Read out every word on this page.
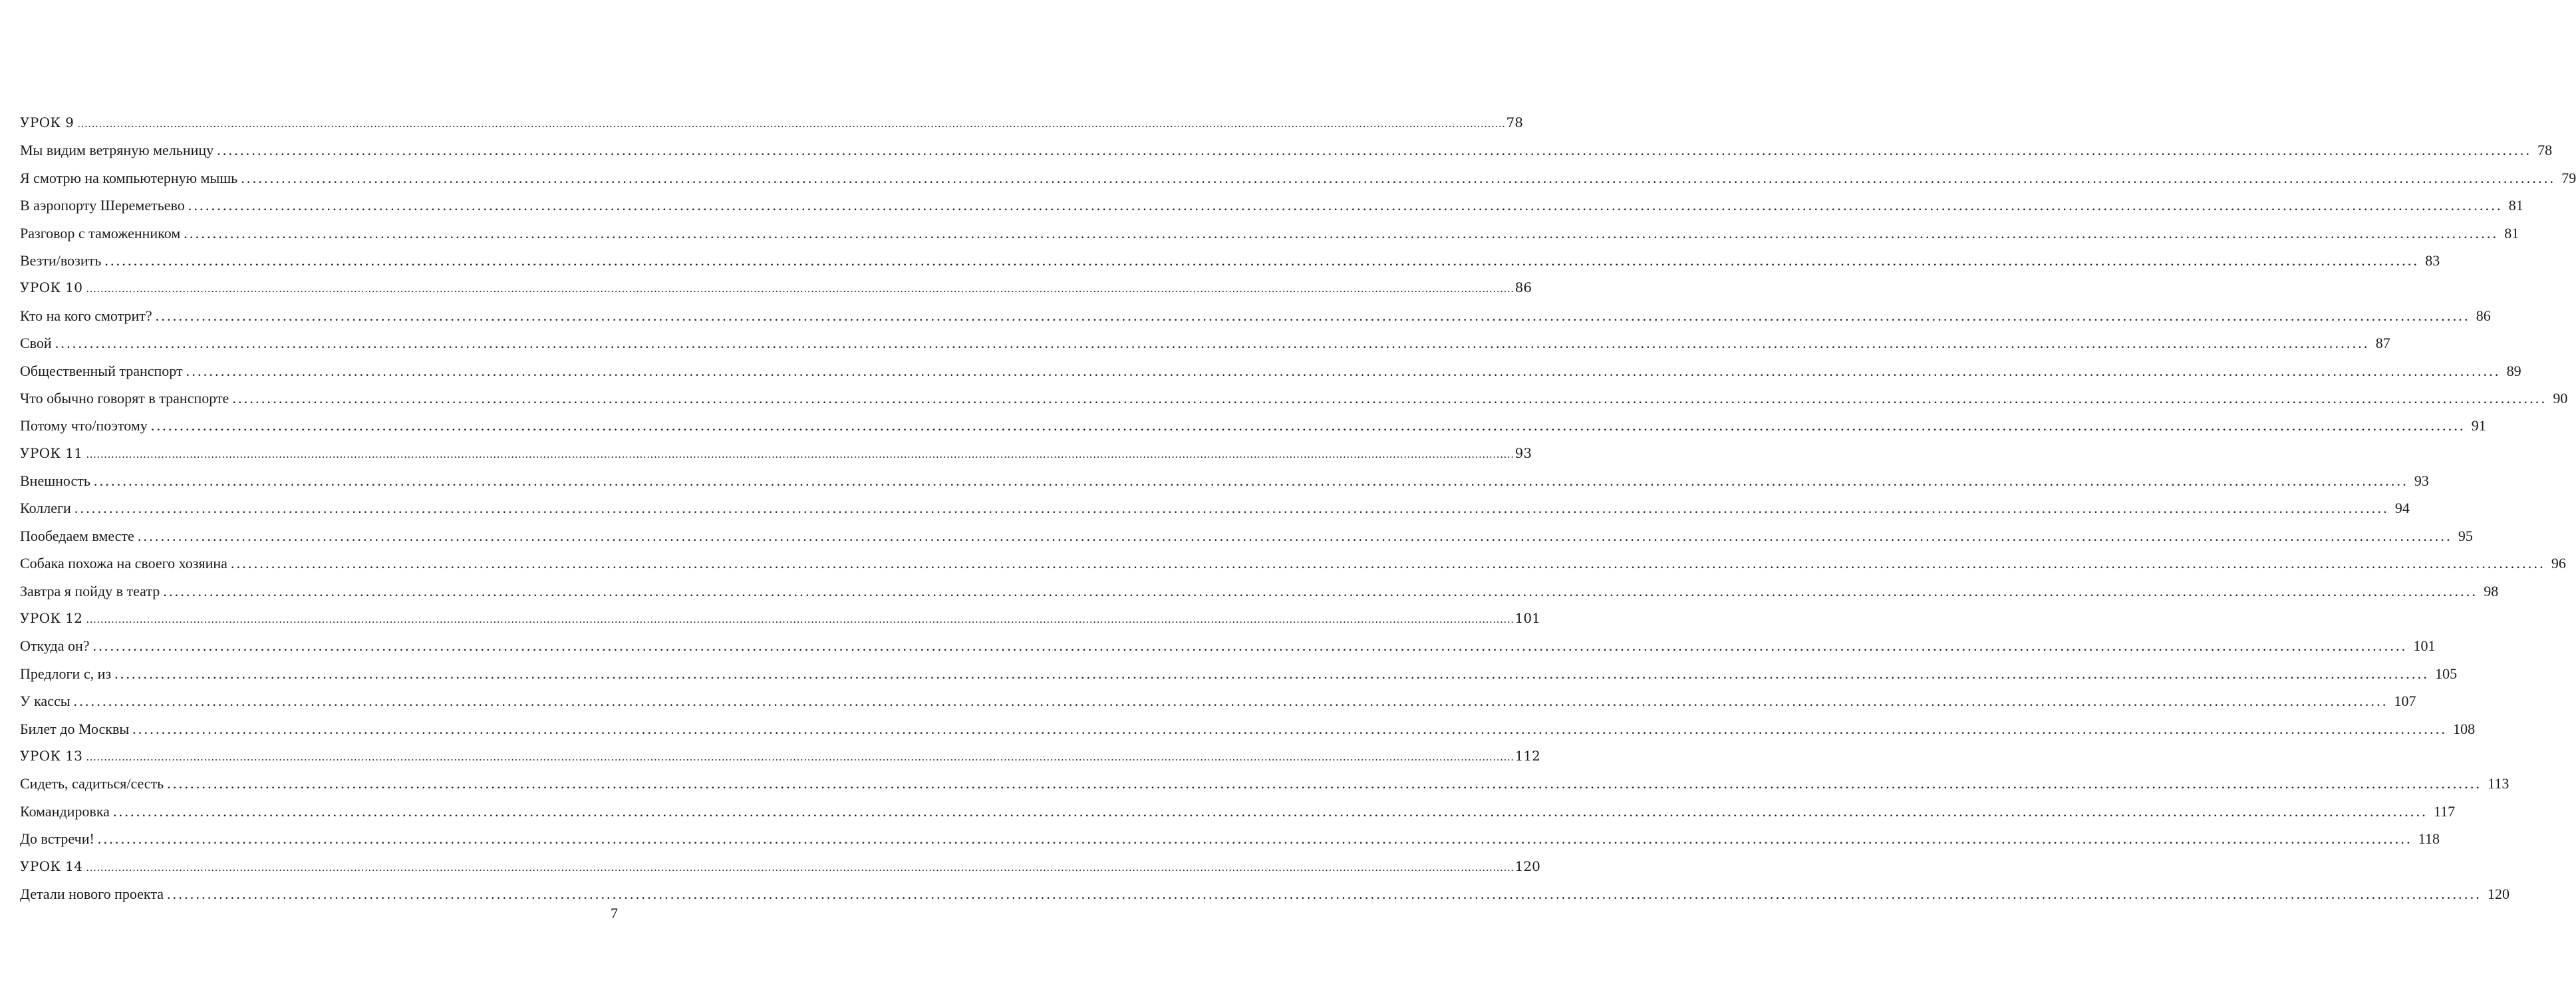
УРОК 9 ................................................................................................................................................................................................................................................................................................................................................................................................................ 78
Мы видим ветряную мельницу ................................................................................................................................................................................................................................................................................................................................................................................................................ 78
Я смотрю на компьютерную мышь ................................................................................................................................................................................................................................................................................................................................................................................................................ 79
В аэропорту Шереметьево ................................................................................................................................................................................................................................................................................................................................................................................................................ 81
Разговор с таможенником ................................................................................................................................................................................................................................................................................................................................................................................................................ 81
Везти/возить ................................................................................................................................................................................................................................................................................................................................................................................................................ 83
УРОК 10 ................................................................................................................................................................................................................................................................................................................................................................................................................ 86
Кто на кого смотрит? ................................................................................................................................................................................................................................................................................................................................................................................................................ 86
Свой ................................................................................................................................................................................................................................................................................................................................................................................................................ 87
Общественный транспорт ................................................................................................................................................................................................................................................................................................................................................................................................................ 89
Что обычно говорят в транспорте ................................................................................................................................................................................................................................................................................................................................................................................................................ 90
Потому что/поэтому ................................................................................................................................................................................................................................................................................................................................................................................................................ 91
УРОК 11 ................................................................................................................................................................................................................................................................................................................................................................................................................ 93
Внешность ................................................................................................................................................................................................................................................................................................................................................................................................................ 93
Коллеги ................................................................................................................................................................................................................................................................................................................................................................................................................ 94
Пообедаем вместе ................................................................................................................................................................................................................................................................................................................................................................................................................ 95
Собака похожа на своего хозяина ................................................................................................................................................................................................................................................................................................................................................................................................................ 96
Завтра я пойду в театр ................................................................................................................................................................................................................................................................................................................................................................................................................ 98
УРОК 12 ................................................................................................................................................................................................................................................................................................................................................................................................................ 101
Откуда он? ................................................................................................................................................................................................................................................................................................................................................................................................................ 101
Предлоги с, из ................................................................................................................................................................................................................................................................................................................................................................................................................ 105
У кассы ................................................................................................................................................................................................................................................................................................................................................................................................................ 107
Билет до Москвы ................................................................................................................................................................................................................................................................................................................................................................................................................ 108
УРОК 13 ................................................................................................................................................................................................................................................................................................................................................................................................................ 112
Сидеть, садиться/сесть ................................................................................................................................................................................................................................................................................................................................................................................................................ 113
Командировка ................................................................................................................................................................................................................................................................................................................................................................................................................ 117
До встречи! ................................................................................................................................................................................................................................................................................................................................................................................................................ 118
УРОК 14 ................................................................................................................................................................................................................................................................................................................................................................................................................ 120
Детали нового проекта ................................................................................................................................................................................................................................................................................................................................................................................................................ 120
7
